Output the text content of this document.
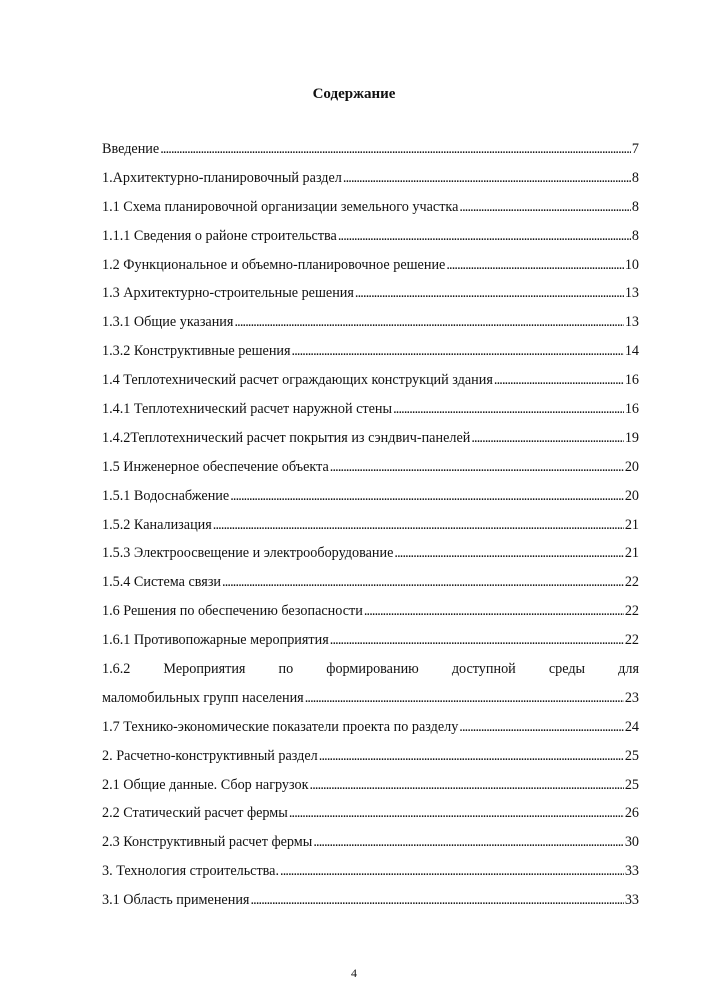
Содержание
Введение . . .	7
1.Архитектурно-планировочный раздел . . .	8
1.1 Схема планировочной организации земельного участка . . .	8
1.1.1 Сведения о районе строительства . . .	8
1.2 Функциональное и объемно-планировочное решение . . .	10
1.3 Архитектурно-строительные решения . . .	13
1.3.1 Общие указания . . .	13
1.3.2 Конструктивные решения . . .	14
1.4 Теплотехнический расчет ограждающих конструкций здания . . .	16
1.4.1 Теплотехнический расчет наружной стены . . .	16
1.4.2Теплотехнический расчет покрытия из сэндвич-панелей . . .	19
1.5 Инженерное обеспечение объекта . . .	20
1.5.1 Водоснабжение . . .	20
1.5.2 Канализация . . .	21
1.5.3 Электроосвещение и электрооборудование . . .	21
1.5.4 Система связи . . .	22
1.6 Решения по обеспечению безопасности . . .	22
1.6.1 Противопожарные мероприятия . . .	22
1.6.2 Мероприятия по формированию доступной среды для
маломобильных групп населения . . .	23
1.7 Технико-экономические показатели проекта по разделу . . .	24
2. Расчетно-конструктивный раздел . . .	25
2.1 Общие данные. Сбор нагрузок . . .	25
2.2 Статический расчет фермы . . .	26
2.3 Конструктивный расчет фермы . . .	30
3. Технология строительства. . . .	33
3.1 Область применения . . .	33
4
